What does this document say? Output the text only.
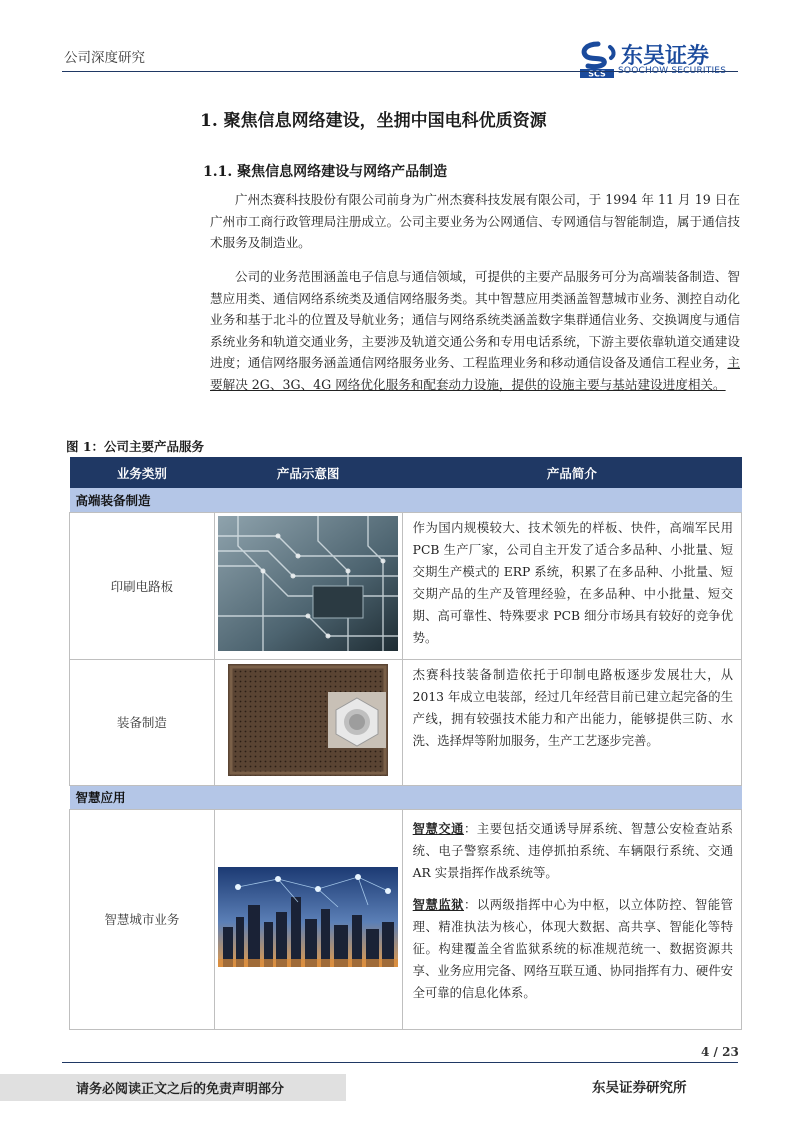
公司深度研究
SCS
东吴证券
SOOCHOW SECURITIES
1. 聚焦信息网络建设，坐拥中国电科优质资源
1.1. 聚焦信息网络建设与网络产品制造
广州杰赛科技股份有限公司前身为广州杰赛科技发展有限公司，于 1994 年 11 月 19 日在广州市工商行政管理局注册成立。公司主要业务为公网通信、专网通信与智能制造，属于通信技术服务及制造业。
公司的业务范围涵盖电子信息与通信领域，可提供的主要产品服务可分为高端装备制造、智慧应用类、通信网络系统类及通信网络服务类。其中智慧应用类涵盖智慧城市业务、测控自动化业务和基于北斗的位置及导航业务；通信与网络系统类涵盖数字集群通信业务、交换调度与通信系统业务和轨道交通业务，主要涉及轨道交通公务和专用电话系统，下游主要依靠轨道交通建设进度；通信网络服务涵盖通信网络服务业务、工程监理业务和移动通信设备及通信工程业务，主要解决 2G、3G、4G 网络优化服务和配套动力设施，提供的设施主要与基站建设进度相关。
图 1：公司主要产品服务
业务类别	产品示意图	产品简介
高端装备制造		
印刷电路板		作为国内规模较大、技术领先的样板、快件，高端军民用 PCB 生产厂家，公司自主开发了适合多品种、小批量、短交期生产模式的 ERP 系统，积累了在多品种、小批量、短交期产品的生产及管理经验，在多品种、中小批量、短交期、高可靠性、特殊要求 PCB 细分市场具有较好的竞争优势。
装备制造		杰赛科技装备制造依托于印制电路板逐步发展壮大，从 2013 年成立电装部，经过几年经营目前已建立起完备的生产线，拥有较强技术能力和产出能力，能够提供三防、水洗、选择焊等附加服务，生产工艺逐步完善。
智慧应用		
智慧城市业务		智慧交通：主要包括交通诱导屏系统、智慧公安检查站系统、电子警察系统、违停抓拍系统、车辆限行系统、交通 AR 实景指挥作战系统等。
智慧监狱：以两级指挥中心为中枢，以立体防控、智能管理、精准执法为核心，体现大数据、高共享、智能化等特征。构建覆盖全省监狱系统的标准规范统一、数据资源共享、业务应用完备、网络互联互通、协同指挥有力、硬件安全可靠的信息化体系。
4 / 23
请务必阅读正文之后的免责声明部分	东吴证券研究所
